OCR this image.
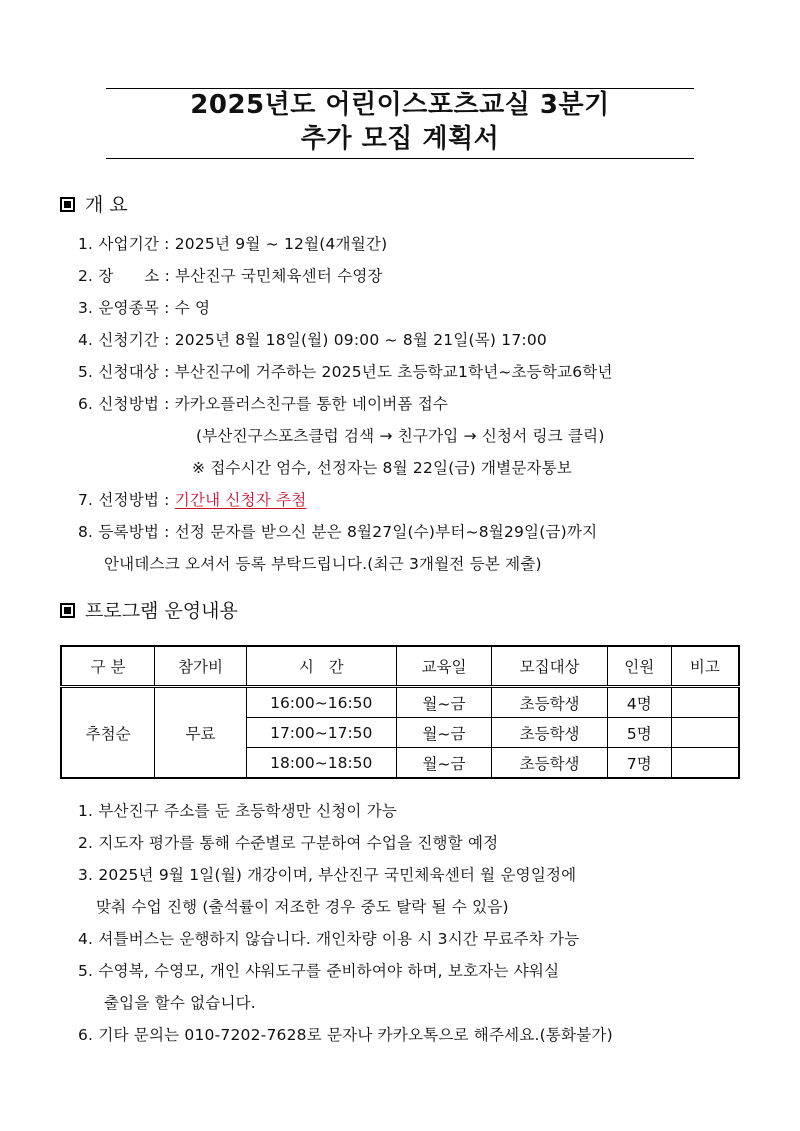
2025년도 어린이스포츠교실 3분기
추가 모집 계획서
개 요
1. 사업기간 : 2025년 9월 ~ 12월(4개월간)
2. 장      소 : 부산진구 국민체육센터 수영장
3. 운영종목 : 수 영
4. 신청기간 : 2025년 8월 18일(월) 09:00 ~ 8월 21일(목) 17:00
5. 신청대상 : 부산진구에 거주하는 2025년도 초등학교1학년~초등학교6학년
6. 신청방법 : 카카오플러스친구를 통한 네이버폼 접수
(부산진구스포츠클럽 검색 → 친구가입 → 신청서 링크 클릭)
※ 접수시간 엄수, 선정자는 8월 22일(금) 개별문자통보
7. 선정방법 : 기간내 신청자 추첨
8. 등록방법 : 선정 문자를 받으신 분은 8월27일(수)부터~8월29일(금)까지
안내데스크 오셔서 등록 부탁드립니다.(최근 3개월전 등본 제출)
프로그램 운영내용
구 분	참가비	시   간	교육일	모집대상	인원	비고
추첨순	무료	16:00~16:50	월~금	초등학생	4명	
		17:00~17:50	월~금	초등학생	5명	
		18:00~18:50	월~금	초등학생	7명	
1. 부산진구 주소를 둔 초등학생만 신청이 가능
2. 지도자 평가를 통해 수준별로 구분하여 수업을 진행할 예정
3. 2025년 9월 1일(월) 개강이며, 부산진구 국민체육센터 월 운영일정에
맞춰 수업 진행 (출석률이 저조한 경우 중도 탈락 될 수 있음)
4. 셔틀버스는 운행하지 않습니다. 개인차량 이용 시 3시간 무료주차 가능
5. 수영복, 수영모, 개인 샤워도구를 준비하여야 하며, 보호자는 샤워실
출입을 할수 없습니다.
6. 기타 문의는 010-7202-7628로 문자나 카카오톡으로 해주세요.(통화불가)
